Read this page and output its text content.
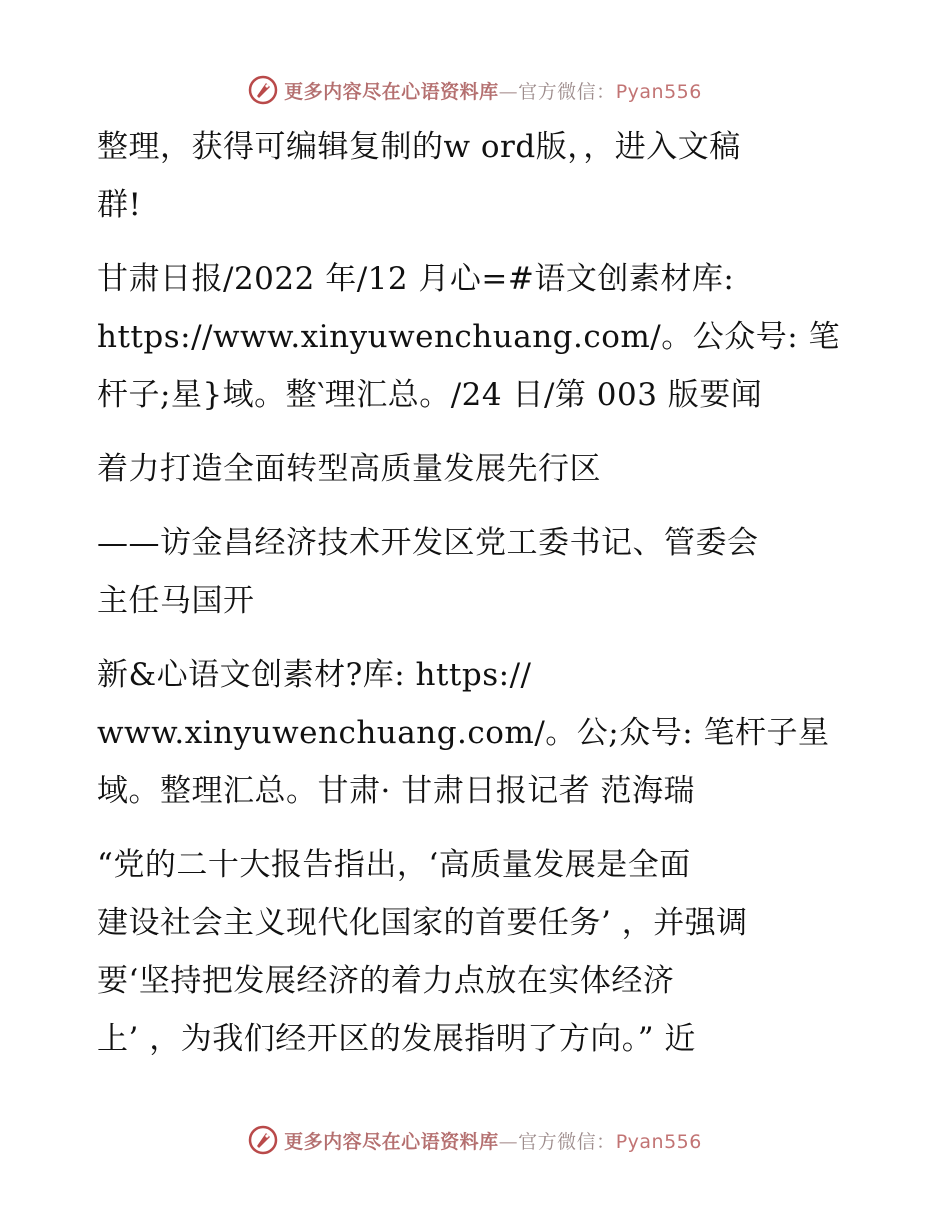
更多内容尽在心语资料库—官方微信：Pyan556
整理，获得可编辑复制的w ord版，，进入文稿
群!
甘肃日报/2022 年/12 月心=#语文创素材库:
https://www.xinyuwenchuang.com/。公众号: 笔
杆子;星}域。整‵理汇总。/24 日/第 003 版要闻
着力打造全面转型高质量发展先行区
——访金昌经济技术开发区党工委书记、管委会
主任马国开
新&心语文创素材?库: https://
www.xinyuwenchuang.com/。公;众号: 笔杆子星
域。整理汇总。甘肃· 甘肃日报记者 范海瑞
“党的二十大报告指出，‘高质量发展是全面
建设社会主义现代化国家的首要任务’ ，并强调
要‘坚持把发展经济的着力点放在实体经济
上’ ，为我们经开区的发展指明了方向。” 近
更多内容尽在心语资料库—官方微信：Pyan556
